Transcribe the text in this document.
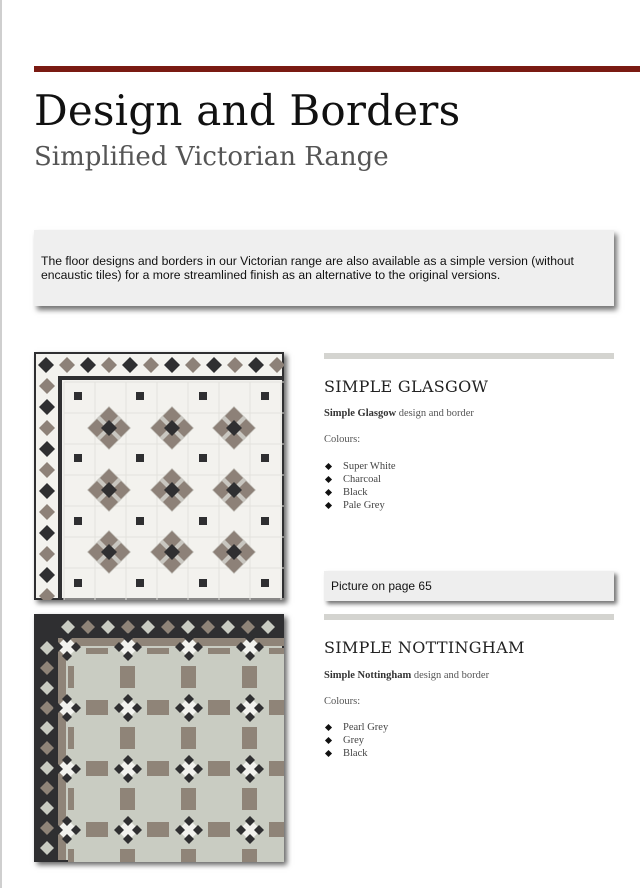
Design and Borders
Simplified Victorian Range

The floor designs and borders in our Victorian range are also available as a simple version (without encaustic tiles) for a more streamlined finish as an alternative to the original versions.

SIMPLE GLASGOW
Simple Glasgow design and border
Colours:
Super White
Charcoal
Black
Pale Grey
Picture on page 65
SIMPLE NOTTINGHAM
Simple Nottingham design and border
Colours:
Pearl Grey
Grey
Black
